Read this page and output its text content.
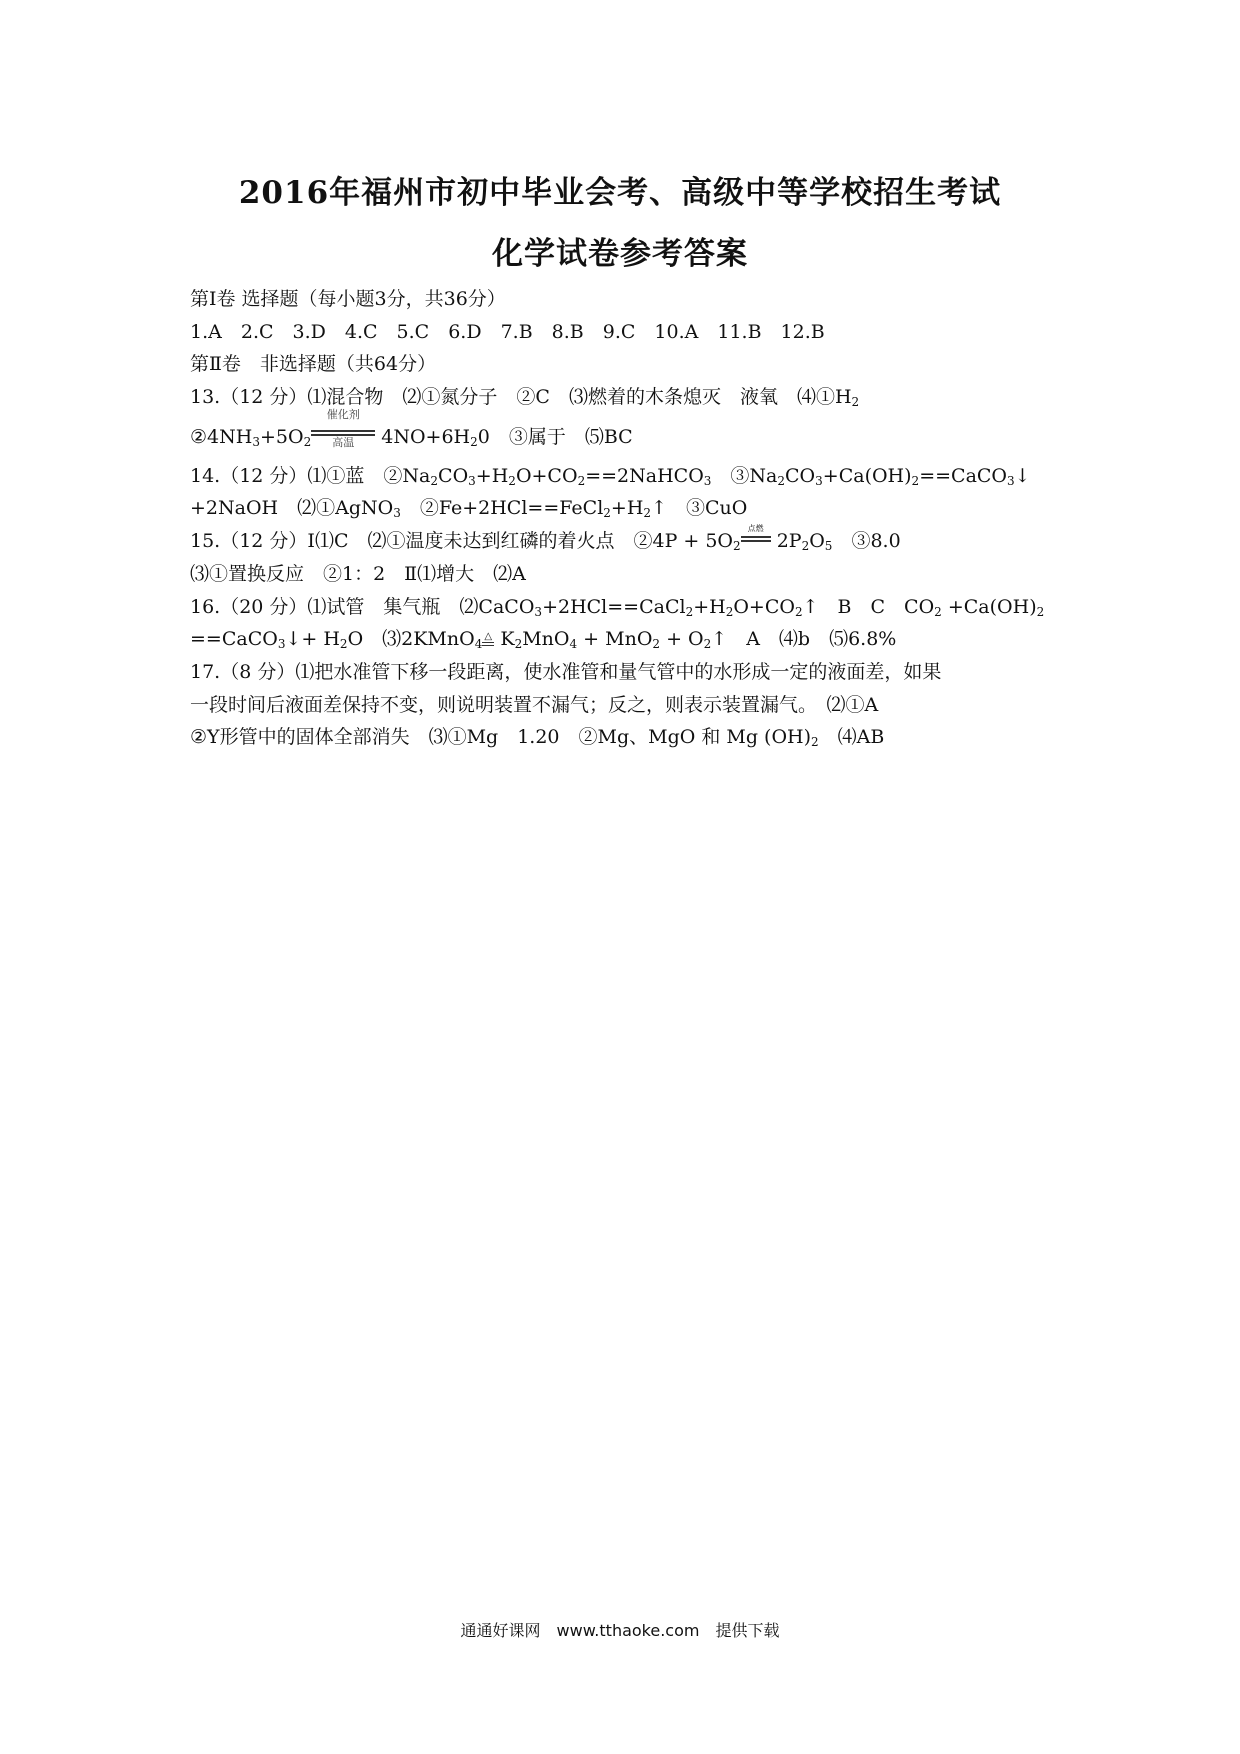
2016年福州市初中毕业会考、高级中等学校招生考试
化学试卷参考答案
第Ⅰ卷 选择题（每小题3分，共36分）
1.A　2.C　3.D　4.C　5.C　6.D　7.B　8.B　9.C　10.A　11.B　12.B
第Ⅱ卷　非选择题（共64分）
13.（12 分）⑴混合物　⑵①氮分子　②C　⑶燃着的木条熄灭　液氧　$⑷①H_2$
$②4NH_3+5O_2$
催化剂
高温	$4NO+6H_20$　③属于　⑸BC
14.（12 分）⑴①蓝　$②Na_2CO_3+H_2O+CO_2==2NaHCO_3$　$③Na_2CO_3+Ca(OH)_2==CaCO_3↓$
+2NaOH　⑵①AgNO$_3$　$②Fe+2HCl==FeCl_2+H_2↑$　③CuO
15.（12 分）Ⅰ⑴C　⑵①温度未达到红磷的着火点　②4P + $5O_2$
点燃
$2P_2O_5$　③8.0
⑶①置换反应　②1：2　Ⅱ⑴增大　⑵A
16.（20 分）⑴试管　集气瓶　$⑵CaCO_3+2HCl==CaCl_2+H_2O+CO_2↑$　B　C　$CO_2 +Ca(OH)_2$
==CaCO$_3$↓+ $H_2O$　⑶2KMnO$_4$
△ $K_2MnO_4 + MnO_2$ + $O_2↑$　A　⑷b　⑸6.8%
17.（8 分）⑴把水准管下移一段距离，使水准管和量气管中的水形成一定的液面差，如果
一段时间后液面差保持不变，则说明装置不漏气；反之，则表示装置漏气。　⑵①A
②Y形管中的固体全部消失　⑶①Mg　1.20　②Mg、MgO 和 Mg $(OH)_2$　⑷AB
通通好课网　www.tthaoke.com　提供下载
